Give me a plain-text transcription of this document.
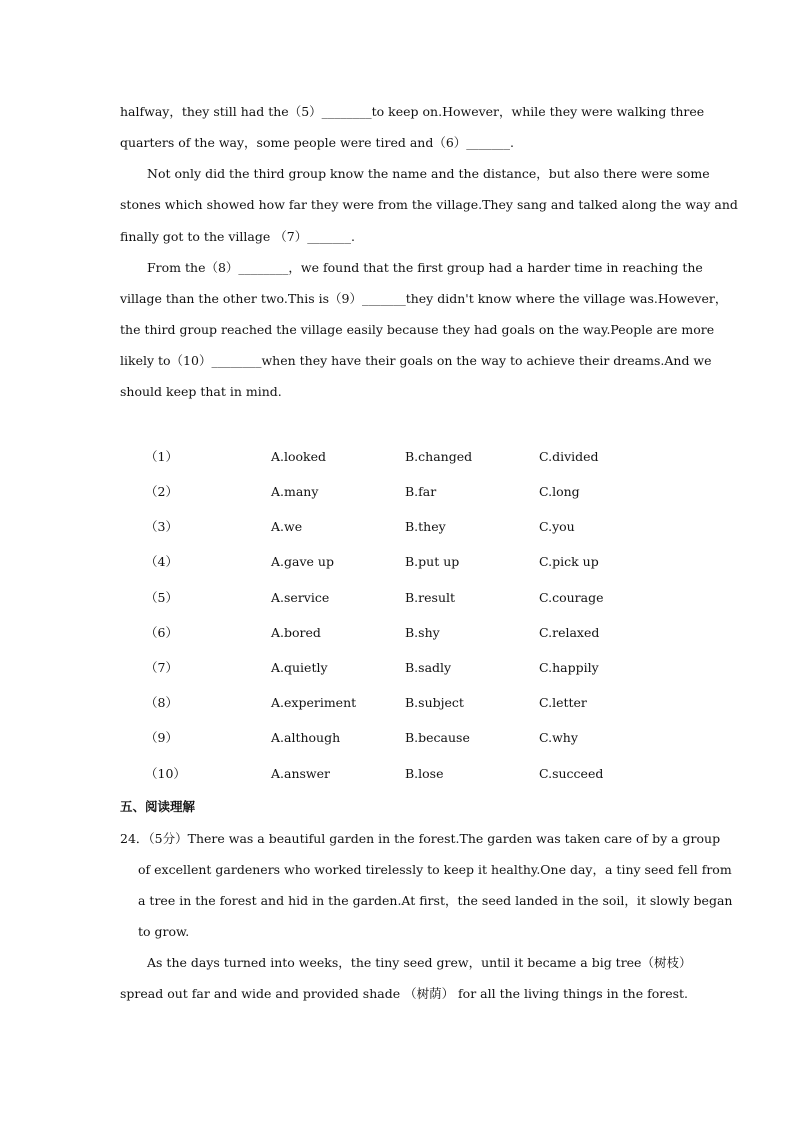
halfway，they still had the（5）________to keep on.However，while they were walking three
quarters of the way，some people were tired and（6）_______.
Not only did the third group know the name and the distance，but also there were some
stones which showed how far they were from the village.They sang and talked along the way and
finally got to the village （7）_______.
From the（8）________，we found that the first group had a harder time in reaching the
village than the other two.This is（9）_______they didn't know where the village was.However，
the third group reached the village easily because they had goals on the way.People are more
likely to（10）________when they have their goals on the way to achieve their dreams.And we
should keep that in mind.
（1）	A.looked	B.changed	C.divided
（2）	A.many	B.far	C.long
（3）	A.we	B.they	C.you
（4）	A.gave up	B.put up	C.pick up
（5）	A.service	B.result	C.courage
（6）	A.bored	B.shy	C.relaxed
（7）	A.quietly	B.sadly	C.happily
（8）	A.experiment	B.subject	C.letter
（9）	A.although	B.because	C.why
（10）	A.answer	B.lose	C.succeed
五、阅读理解
24．（5分）There was a beautiful garden in the forest.The garden was taken care of by a group
of excellent gardeners who worked tirelessly to keep it healthy.One day，a tiny seed fell from
a tree in the forest and hid in the garden.At first，the seed landed in the soil，it slowly began
to grow.
As the days turned into weeks，the tiny seed grew，until it became a big tree（树枝）
spread out far and wide and provided shade （树荫） for all the living things in the forest.
